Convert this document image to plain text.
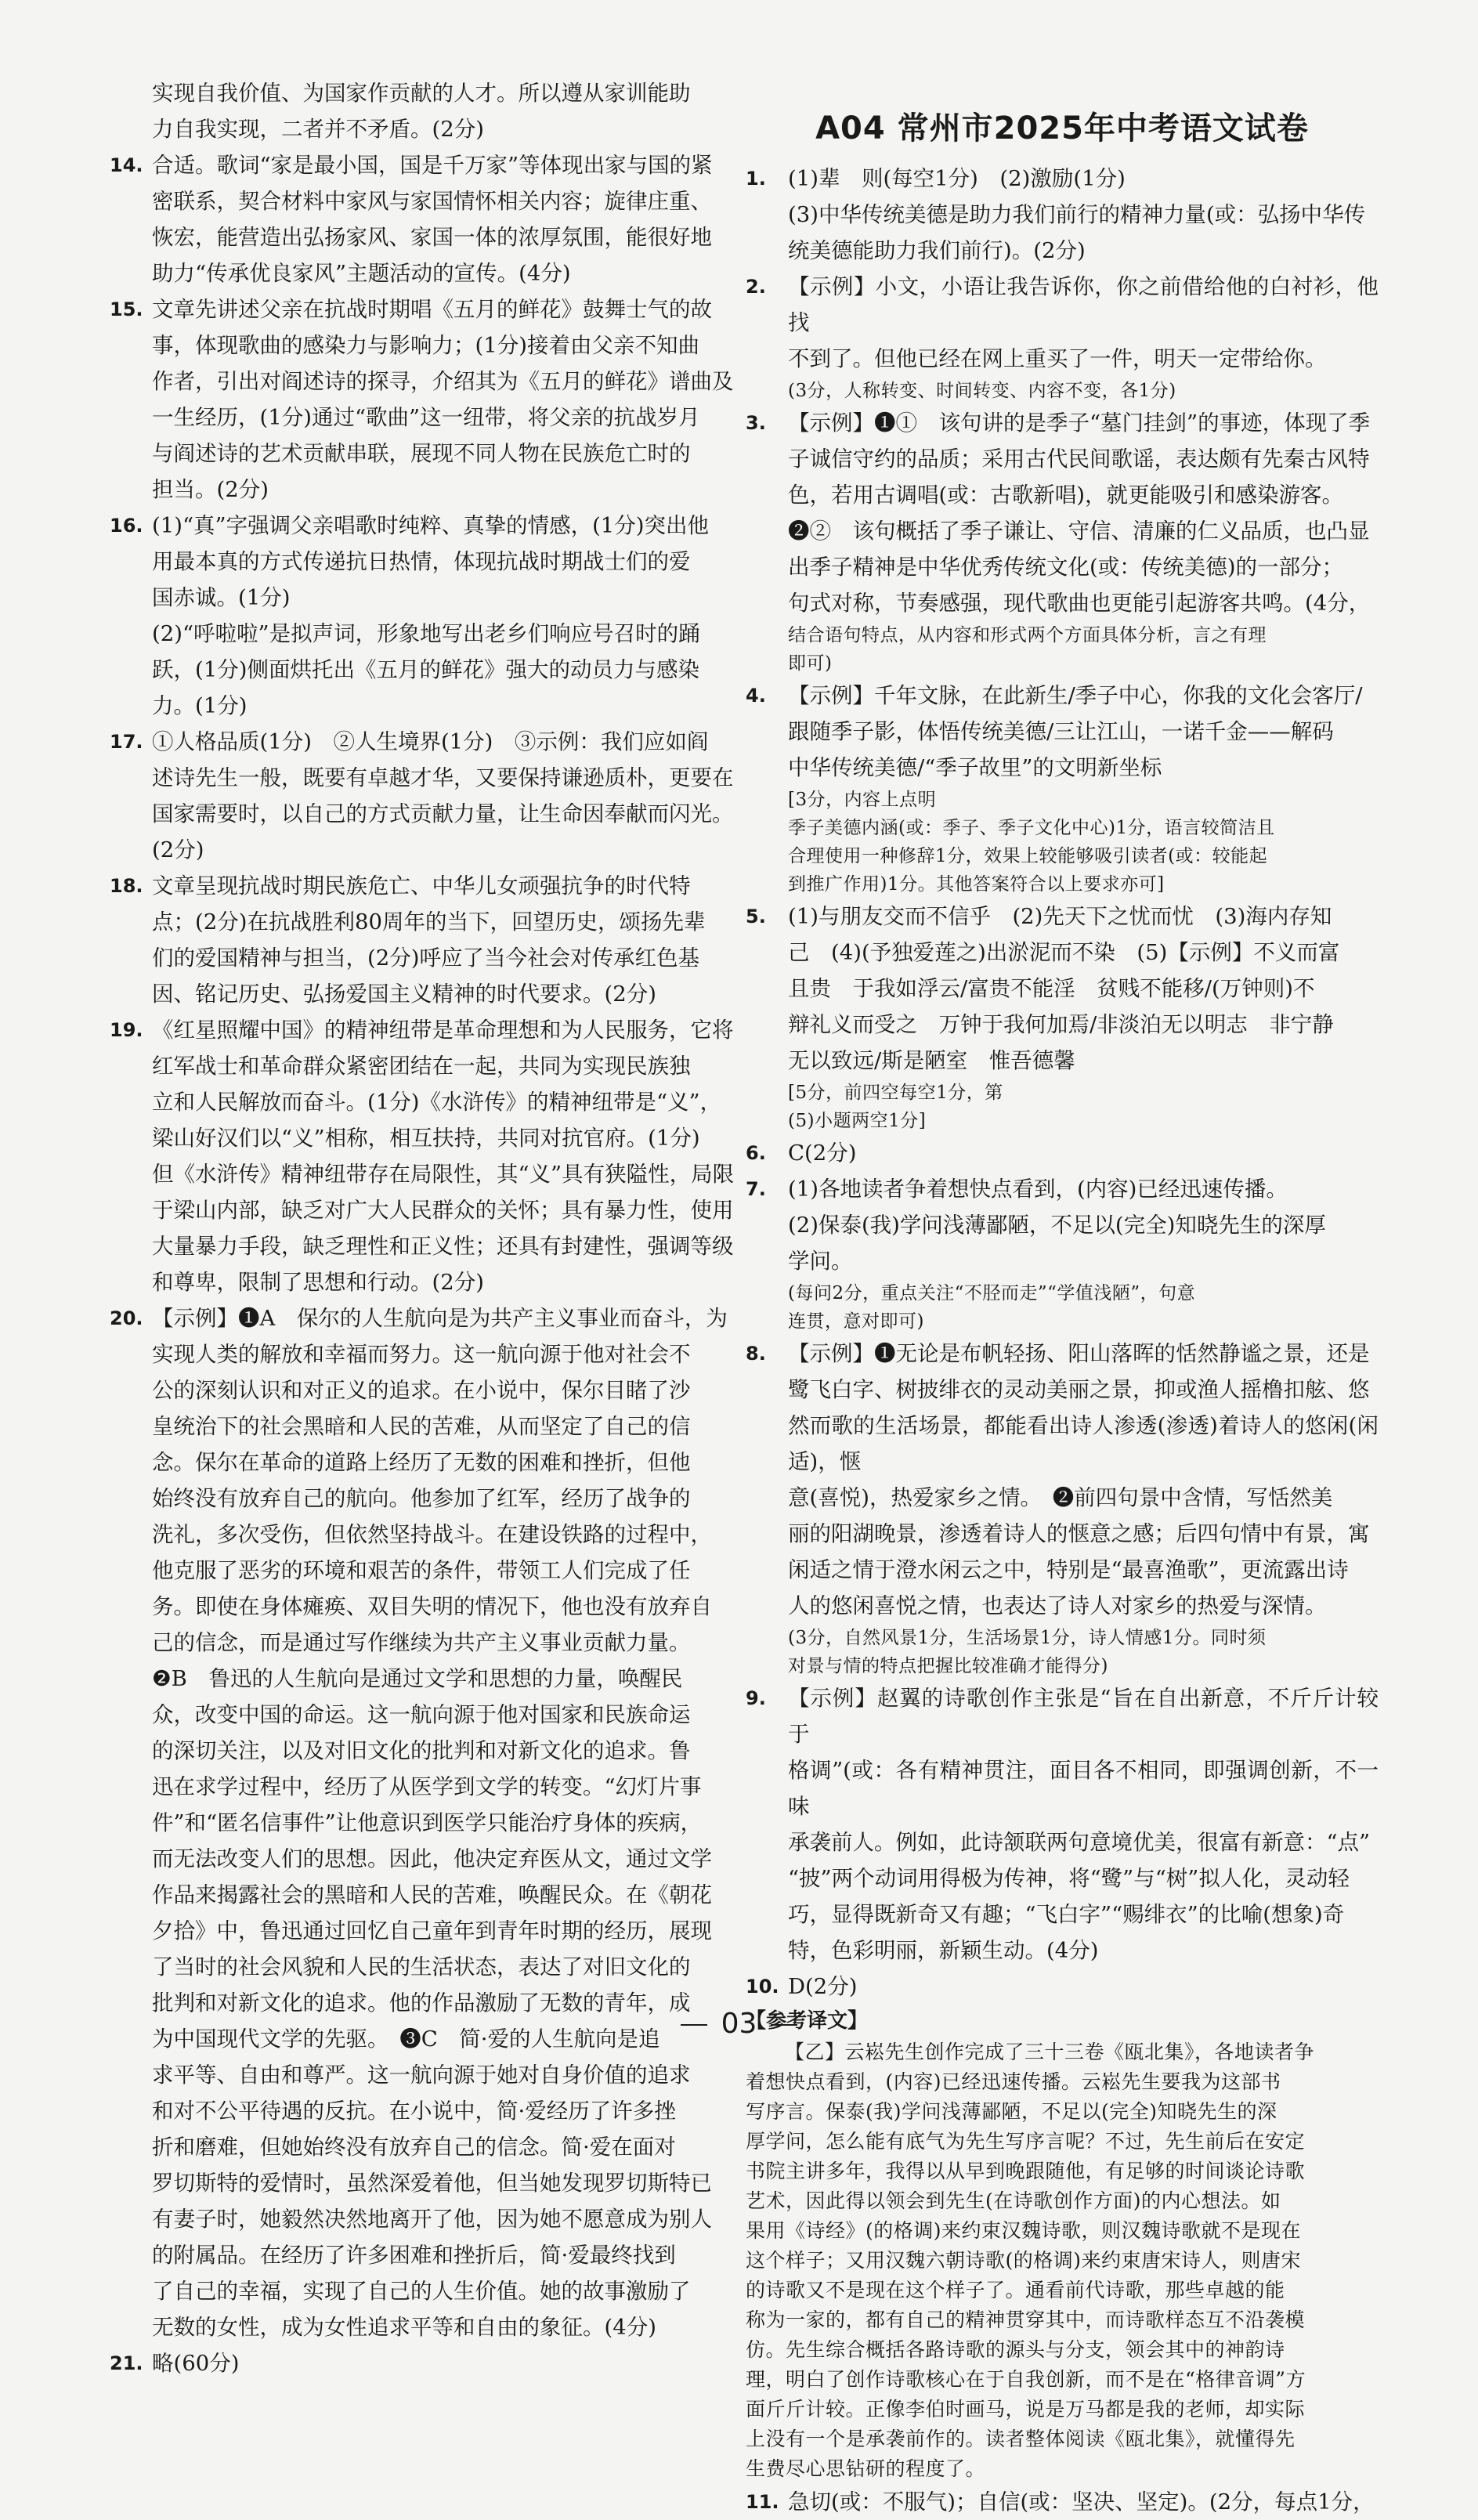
实现自我价值、为国家作贡献的人才。所以遵从家训能助

力自我实现，二者并不矛盾。(2分)

14. 合适。歌词“家是最小国，国是千万家”等体现出家与国的紧

密联系，契合材料中家风与家国情怀相关内容；旋律庄重、

恢宏，能营造出弘扬家风、家国一体的浓厚氛围，能很好地

助力“传承优良家风”主题活动的宣传。(4分)

15. 文章先讲述父亲在抗战时期唱《五月的鲜花》鼓舞士气的故

事，体现歌曲的感染力与影响力；(1分)接着由父亲不知曲

作者，引出对阎述诗的探寻，介绍其为《五月的鲜花》谱曲及

一生经历，(1分)通过“歌曲”这一纽带，将父亲的抗战岁月

与阎述诗的艺术贡献串联，展现不同人物在民族危亡时的

担当。(2分)

16. (1)“真”字强调父亲唱歌时纯粹、真挚的情感，(1分)突出他

用最本真的方式传递抗日热情，体现抗战时期战士们的爱

国赤诚。(1分)

(2)“呼啦啦”是拟声词，形象地写出老乡们响应号召时的踊

跃，(1分)侧面烘托出《五月的鲜花》强大的动员力与感染

力。(1分)

17. ①人格品质(1分)　②人生境界(1分)　③示例：我们应如阎

述诗先生一般，既要有卓越才华，又要保持谦逊质朴，更要在

国家需要时，以自己的方式贡献力量，让生命因奉献而闪光。

(2分)

18. 文章呈现抗战时期民族危亡、中华儿女顽强抗争的时代特

点；(2分)在抗战胜利80周年的当下，回望历史，颂扬先辈

们的爱国精神与担当，(2分)呼应了当今社会对传承红色基

因、铭记历史、弘扬爱国主义精神的时代要求。(2分)

19. 《红星照耀中国》的精神纽带是革命理想和为人民服务，它将

红军战士和革命群众紧密团结在一起，共同为实现民族独

立和人民解放而奋斗。(1分)《水浒传》的精神纽带是“义”，

梁山好汉们以“义”相称，相互扶持，共同对抗官府。(1分)

但《水浒传》精神纽带存在局限性，其“义”具有狭隘性，局限

于梁山内部，缺乏对广大人民群众的关怀；具有暴力性，使用

大量暴力手段，缺乏理性和正义性；还具有封建性，强调等级

和尊卑，限制了思想和行动。(2分)

20. 【示例】❶A　保尔的人生航向是为共产主义事业而奋斗，为

实现人类的解放和幸福而努力。这一航向源于他对社会不

公的深刻认识和对正义的追求。在小说中，保尔目睹了沙

皇统治下的社会黑暗和人民的苦难，从而坚定了自己的信

念。保尔在革命的道路上经历了无数的困难和挫折，但他

始终没有放弃自己的航向。他参加了红军，经历了战争的

洗礼，多次受伤，但依然坚持战斗。在建设铁路的过程中，

他克服了恶劣的环境和艰苦的条件，带领工人们完成了任

务。即使在身体瘫痪、双目失明的情况下，他也没有放弃自

己的信念，而是通过写作继续为共产主义事业贡献力量。

❷B　鲁迅的人生航向是通过文学和思想的力量，唤醒民

众，改变中国的命运。这一航向源于他对国家和民族命运

的深切关注，以及对旧文化的批判和对新文化的追求。鲁

迅在求学过程中，经历了从医学到文学的转变。“幻灯片事

件”和“匿名信事件”让他意识到医学只能治疗身体的疾病，

而无法改变人们的思想。因此，他决定弃医从文，通过文学

作品来揭露社会的黑暗和人民的苦难，唤醒民众。在《朝花

夕拾》中，鲁迅通过回忆自己童年到青年时期的经历，展现

了当时的社会风貌和人民的生活状态，表达了对旧文化的

批判和对新文化的追求。他的作品激励了无数的青年，成

为中国现代文学的先驱。　❸C　简·爱的人生航向是追

求平等、自由和尊严。这一航向源于她对自身价值的追求

和对不公平待遇的反抗。在小说中，简·爱经历了许多挫

折和磨难，但她始终没有放弃自己的信念。简·爱在面对

罗切斯特的爱情时，虽然深爱着他，但当她发现罗切斯特已

有妻子时，她毅然决然地离开了他，因为她不愿意成为别人

的附属品。在经历了许多困难和挫折后，简·爱最终找到

了自己的幸福，实现了自己的人生价值。她的故事激励了

无数的女性，成为女性追求平等和自由的象征。(4分)

21. 略(60分)

A04 常州市2025年中考语文试卷
1.	(1)辈　则(每空1分)　(2)激励(1分)

(3)中华传统美德是助力我们前行的精神力量(或：弘扬中华传

统美德能助力我们前行)。(2分)

2.	【示例】小文，小语让我告诉你，你之前借给他的白衬衫，他找

不到了。但他已经在网上重买了一件，明天一定带给你。

(3分，人称转变、时间转变、内容不变，各1分)

3.	【示例】❶①　该句讲的是季子“墓门挂剑”的事迹，体现了季

子诚信守约的品质；采用古代民间歌谣，表达颇有先秦古风特

色，若用古调唱(或：古歌新唱)，就更能吸引和感染游客。

❷②　该句概括了季子谦让、守信、清廉的仁义品质，也凸显

出季子精神是中华优秀传统文化(或：传统美德)的一部分；

句式对称，节奏感强，现代歌曲也更能引起游客共鸣。(4分，

结合语句特点，从内容和形式两个方面具体分析，言之有理

即可)

4.	【示例】千年文脉，在此新生/季子中心，你我的文化会客厅/

跟随季子影，体悟传统美德/三让江山，一诺千金——解码

中华传统美德/“季子故里”的文明新坐标

[3分，内容上点明

季子美德内涵(或：季子、季子文化中心)1分，语言较简洁且

合理使用一种修辞1分，效果上较能够吸引读者(或：较能起

到推广作用)1分。其他答案符合以上要求亦可]

5.	(1)与朋友交而不信乎　(2)先天下之忧而忧　(3)海内存知

己　(4)(予独爱莲之)出淤泥而不染　(5)【示例】不义而富

且贵　于我如浮云/富贵不能淫　贫贱不能移/(万钟则)不

辩礼义而受之　万钟于我何加焉/非淡泊无以明志　非宁静

无以致远/斯是陋室　惟吾德馨

[5分，前四空每空1分，第

(5)小题两空1分]

6.	C(2分)

7.	(1)各地读者争着想快点看到，(内容)已经迅速传播。

(2)保泰(我)学问浅薄鄙陋，不足以(完全)知晓先生的深厚

学问。

(每问2分，重点关注“不胫而走”“学值浅陋”，句意

连贯，意对即可)

8.	【示例】❶无论是布帆轻扬、阳山落晖的恬然静谧之景，还是

鹭飞白字、树披绯衣的灵动美丽之景，抑或渔人摇橹扣舷、悠

然而歌的生活场景，都能看出诗人渗透(渗透)着诗人的悠闲(闲适)，惬

意(喜悦)，热爱家乡之情。　❷前四句景中含情，写恬然美

丽的阳湖晚景，渗透着诗人的惬意之感；后四句情中有景，寓

闲适之情于澄水闲云之中，特别是“最喜渔歌”，更流露出诗

人的悠闲喜悦之情，也表达了诗人对家乡的热爱与深情。

(3分，自然风景1分，生活场景1分，诗人情感1分。同时须

对景与情的特点把握比较准确才能得分)

9.	【示例】赵翼的诗歌创作主张是“旨在自出新意，不斤斤计较于

格调”(或：各有精神贯注，面目各不相同，即强调创新，不一味

承袭前人。例如，此诗颔联两句意境优美，很富有新意：“点”

“披”两个动词用得极为传神，将“鹭”与“树”拟人化，灵动轻

巧，显得既新奇又有趣；“飞白字”“赐绯衣”的比喻(想象)奇

特，色彩明丽，新颖生动。(4分)

10. D(2分)

【参考译文】

【乙】云崧先生创作完成了三十三卷《瓯北集》，各地读者争

着想快点看到，(内容)已经迅速传播。云崧先生要我为这部书

写序言。保泰(我)学问浅薄鄙陋，不足以(完全)知晓先生的深

厚学问，怎么能有底气为先生写序言呢？不过，先生前后在安定

书院主讲多年，我得以从早到晚跟随他，有足够的时间谈论诗歌

艺术，因此得以领会到先生(在诗歌创作方面)的内心想法。如

果用《诗经》(的格调)来约束汉魏诗歌，则汉魏诗歌就不是现在

这个样子；又用汉魏六朝诗歌(的格调)来约束唐宋诗人，则唐宋

的诗歌又不是现在这个样子了。通看前代诗歌，那些卓越的能

称为一家的，都有自己的精神贯穿其中，而诗歌样态互不沿袭模

仿。先生综合概括各路诗歌的源头与分支，领会其中的神韵诗

理，明白了创作诗歌核心在于自我创新，而不是在“格律音调”方

面斤斤计较。正像李伯时画马，说是万马都是我的老师，却实际

上没有一个是承袭前作的。读者整体阅读《瓯北集》，就懂得先

生费尽心思钻研的程度了。

11. 急切(或：不服气)；自信(或：坚决、坚定)。(2分，每点1分，

03
